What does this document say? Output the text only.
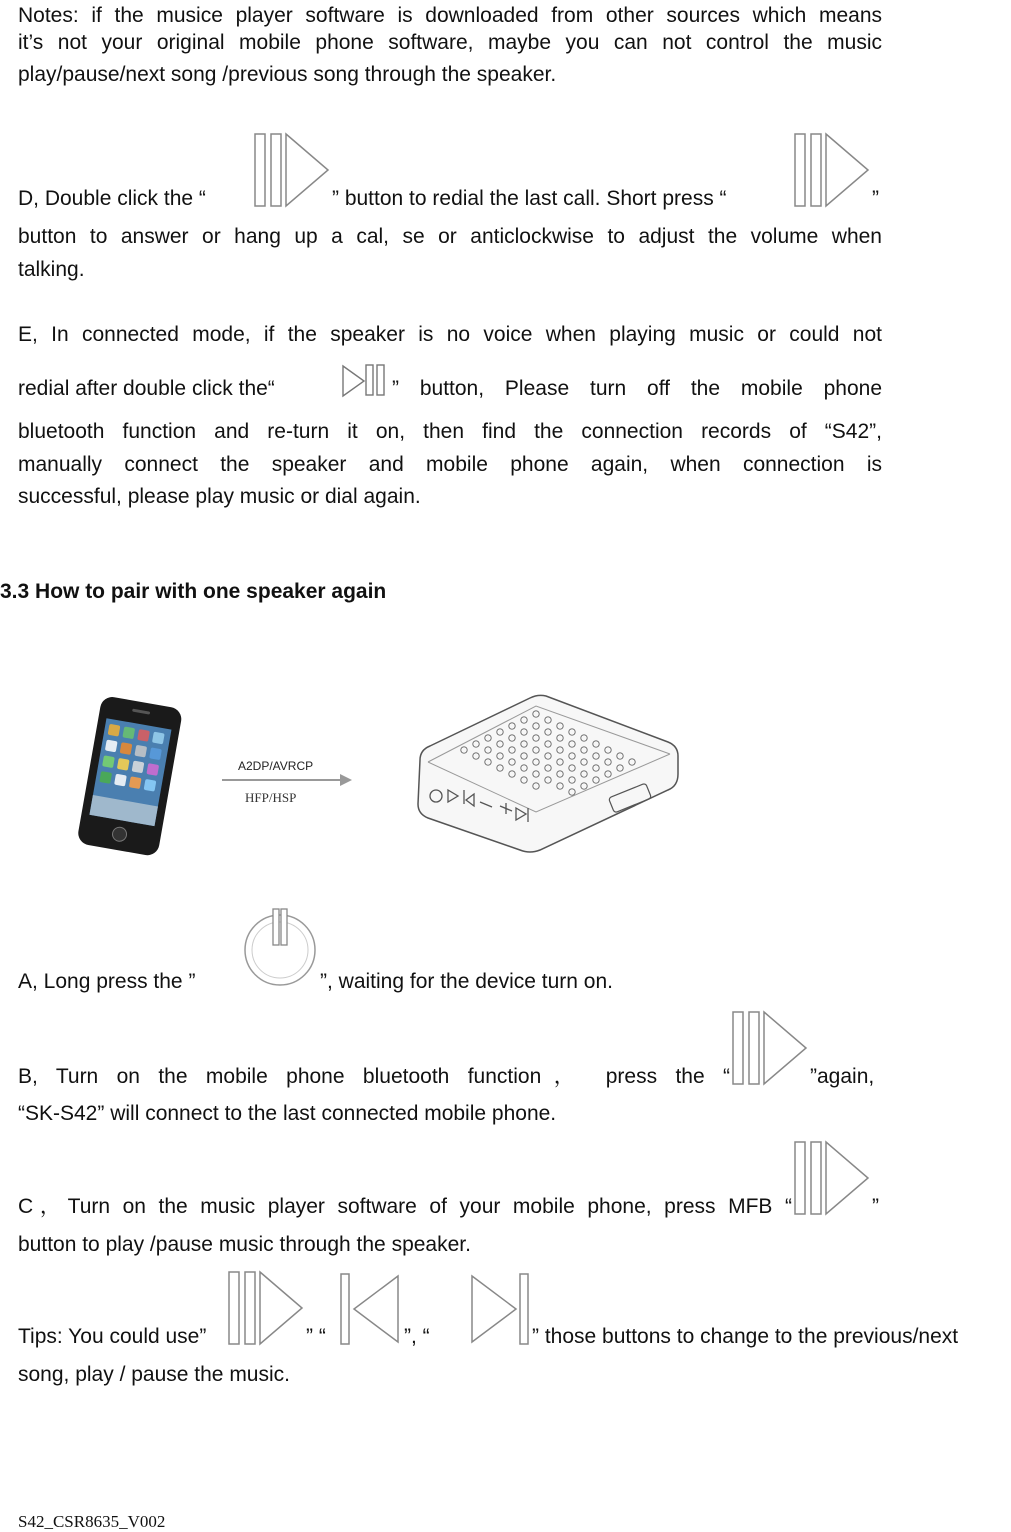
Notes: if the musice player software is downloaded from other sources which means
it’s not your original mobile phone software, maybe you can not control the music
play/pause/next song /previous song through the speaker.
D, Double click the “	” button to redial the last call. Short press “	”
button to answer or hang up a cal, se or anticlockwise to adjust the volume when
talking.
E, In connected mode, if the speaker is no voice when playing music or could not
redial after double click the“	” button, Please turn off the mobile phone
bluetooth function and re-turn it on, then find the connection records of “S42”,
manually connect the speaker and mobile phone again, when connection is
successful, please play music or dial again.
3.3 How to pair with one speaker again
A2DP/AVRCP
HFP/HSP
A, Long press the ”	”, waiting for the device turn on.
B, Turn on the mobile phone bluetooth function， press the “	”again,
“SK-S42” will connect to the last connected mobile phone.
C，Turn on the music player software of your mobile phone, press MFB “	”
button to play /pause music through the speaker.
Tips: You could use”	” “	”, “	” those buttons to change to the previous/next
song, play / pause the music.
S42_CSR8635_V002
